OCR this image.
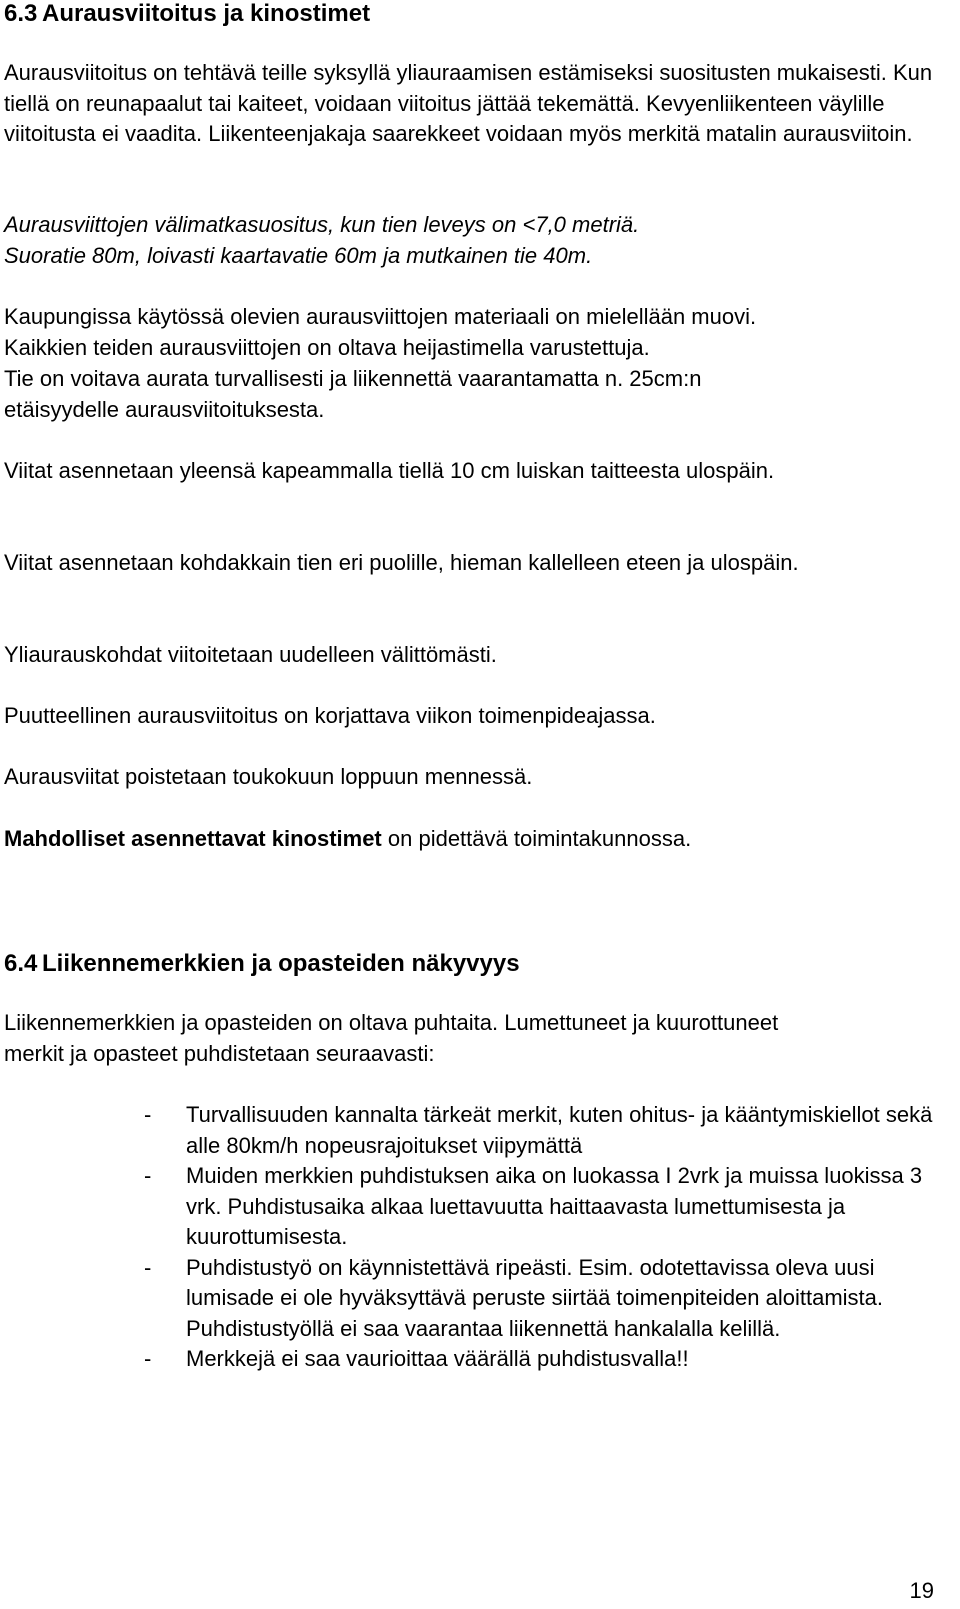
6.3 Aurausviitoitus ja kinostimet

Aurausviitoitus on tehtävä teille syksyllä yliauraamisen estämiseksi suositusten mukaisesti. Kun tiellä on reunapaalut tai kaiteet, voidaan viitoitus jättää tekemättä. Kevyenliikenteen väylille viitoitusta ei vaadita. Liikenteenjakaja saarekkeet voidaan myös merkitä matalin aurausviitoin.

Aurausviittojen välimatkasuositus, kun tien leveys on <7,0 metriä.

Suoratie 80m, loivasti kaartavatie 60m ja mutkainen tie 40m.

Kaupungissa käytössä olevien aurausviittojen materiaali on mielellään muovi.

Kaikkien teiden aurausviittojen on oltava heijastimella varustettuja.

Tie on voitava aurata turvallisesti ja liikennettä vaarantamatta n. 25cm:n etäisyydelle aurausviitoituksesta.

Viitat asennetaan yleensä kapeammalla tiellä 10 cm luiskan taitteesta ulospäin.

Viitat asennetaan kohdakkain tien eri puolille, hieman kallelleen eteen ja ulospäin.

Yliaurauskohdat viitoitetaan uudelleen välittömästi.

Puutteellinen aurausviitoitus on korjattava viikon toimenpideajassa.

Aurausviitat poistetaan toukokuun loppuun mennessä.

Mahdolliset asennettavat kinostimet on pidettävä toimintakunnossa.

6.4 Liikennemerkkien ja opasteiden näkyvyys

Liikennemerkkien ja opasteiden on oltava puhtaita. Lumettuneet ja kuurottuneet merkit ja opasteet puhdistetaan seuraavasti:

- Turvallisuuden kannalta tärkeät merkit, kuten ohitus- ja kääntymiskiellot sekä alle 80km/h nopeusrajoitukset viipymättä
- Muiden merkkien puhdistuksen aika on luokassa I 2vrk ja muissa luokissa 3 vrk. Puhdistusaika alkaa luettavuutta haittaavasta lumettumisesta ja kuurottumisesta.
- Puhdistustyö on käynnistettävä ripeästi. Esim. odotettavissa oleva uusi lumisade ei ole hyväksyttävä peruste siirtää toimenpiteiden aloittamista. Puhdistustyöllä ei saa vaarantaa liikennettä hankalalla kelillä.
- Merkkejä ei saa vaurioittaa väärällä puhdistusvalla!!
19
